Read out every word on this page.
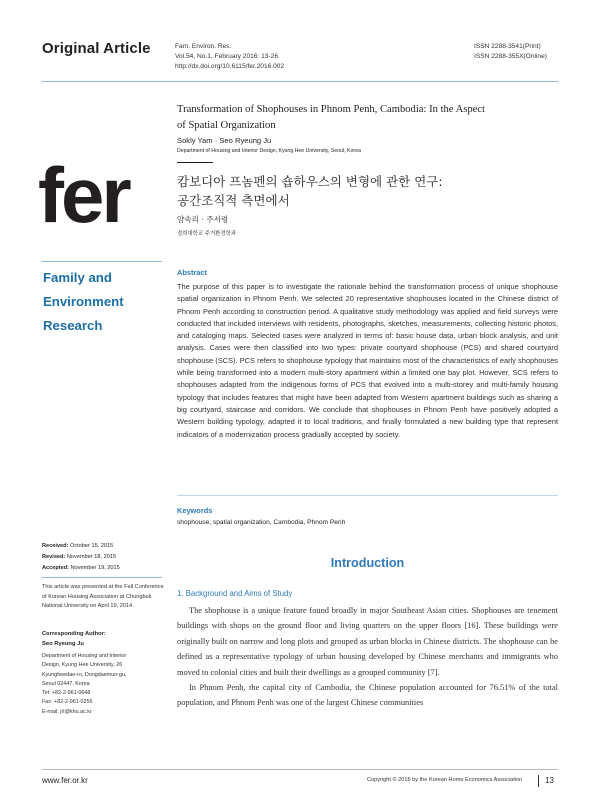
Original Article	Fam. Environ. Res.
Vol.54, No.1, February 2016: 13-26
http://dx.doi.org/10.6115/fer.2016.002
ISSN 2288-3541(Print)
ISSN 2288-355X(Online)
fer
Family and
Environment
Research
Transformation of Shophouses in Phnom Penh, Cambodia: In the Aspect
of Spatial Organization
Sokly Yam · Seo Ryeung Ju
Department of Housing and Interior Design, Kyung Hee University, Seoul, Korea
캄보디아 프놈펜의 숍하우스의 변형에 관한 연구:
공간조직적 측면에서
얌속리 · 주서령
경희대학교 주거환경학과
Abstract
The purpose of this paper is to investigate the rationale behind the transformation process of unique shophouse spatial organization in Phnom Penh. We selected 20 representative shophouses located in the Chinese district of Phnom Penh according to construction period. A qualitative study methodology was applied and field surveys were conducted that included interviews with residents, photographs, sketches, measurements, collecting historic photos, and cataloging maps. Selected cases were analyzed in terms of: basic house data, urban block analysis, and unit analysis. Cases were then classified into two types: private courtyard shophouse (PCS) and shared courtyard shophouse (SCS). PCS refers to shophouse typology that maintains most of the characteristics of early shophouses while being transformed into a modern multi-story apartment within a limited one bay plot. However, SCS refers to shophouses adapted from the indigenous forms of PCS that evolved into a multi-storey and multi-family housing typology that includes features that might have been adapted from Western apartment buildings such as sharing a big courtyard, staircase and corridors. We conclude that shophouses in Phnom Penh have positively adopted a Western building typology, adapted it to local traditions, and finally formulated a new building type that represent indicators of a modernization process gradually accepted by society.
Keywords
shophouse, spatial organization, Cambodia, Phnom Penh
Received: October 15, 2015
Revised: November 18, 2015
Accepted: November 19, 2015
This article was presented at the Fall Conference of Korean Housing Association at Chungbuk National University on April 19, 2014.
Corresponding Author:
Seo Ryeung Ju
Department of Housing and Interior
Design, Kyung Hee University, 26
Kyungheedae-ro, Dongdaemun-gu,
Seoul 02447, Korea
Tel: +82-2-961-0648
Fax: +82-2-961-0256
E-mail: jrl@khu.ac.kr
Introduction
1. Background and Aims of Study

The shophouse is a unique feature found broadly in major Southeast Asian cities. Shophouses are tenement buildings with shops on the ground floor and living quarters on the upper floors [16]. These buildings were originally built on narrow and long plots and grouped as urban blocks in Chinese districts. The shophouse can be defined as a representative typology of urban housing developed by Chinese merchants and immigrants who moved to colonial cities and built their dwellings as a grouped community [7].

In Phnom Penh, the capital city of Cambodia, the Chinese population accounted for 76.51% of the total population, and Phnom Penh was one of the largest Chinese communities

www.fer.or.kr	Copyright © 2016 by the Korean Home Economics Association	13
